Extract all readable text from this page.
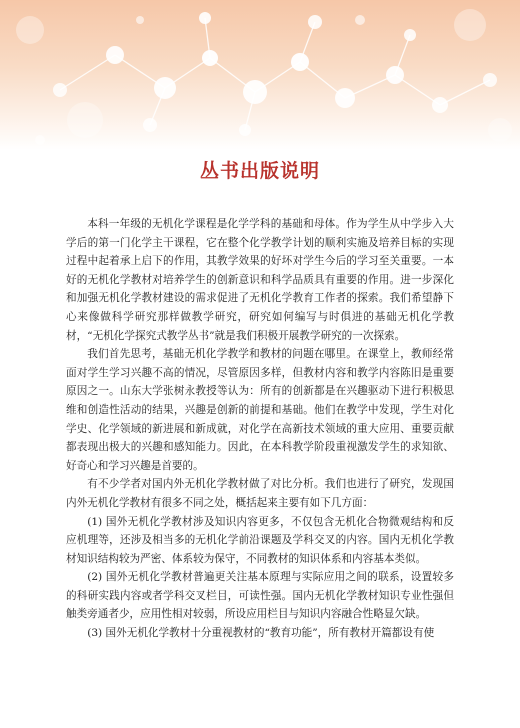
丛书出版说明

本科一年级的无机化学课程是化学学科的基础和母体。作为学生从中学步入大学后的第一门化学主干课程，它在整个化学教学计划的顺利实施及培养目标的实现过程中起着承上启下的作用，其教学效果的好坏对学生今后的学习至关重要。一本好的无机化学教材对培养学生的创新意识和科学品质具有重要的作用。进一步深化和加强无机化学教材建设的需求促进了无机化学教育工作者的探索。我们希望静下心来像做科学研究那样做教学研究，研究如何编写与时俱进的基础无机化学教材，“无机化学探究式教学丛书”就是我们积极开展教学研究的一次探索。

我们首先思考，基础无机化学教学和教材的问题在哪里。在课堂上，教师经常面对学生学习兴趣不高的情况，尽管原因多样，但教材内容和教学内容陈旧是重要原因之一。山东大学张树永教授等认为：所有的创新都是在兴趣驱动下进行积极思维和创造性活动的结果，兴趣是创新的前提和基础。他们在教学中发现，学生对化学史、化学领域的新进展和新成就，对化学在高新技术领域的重大应用、重要贡献都表现出极大的兴趣和感知能力。因此，在本科教学阶段重视激发学生的求知欲、好奇心和学习兴趣是首要的。

有不少学者对国内外无机化学教材做了对比分析。我们也进行了研究，发现国内外无机化学教材有很多不同之处，概括起来主要有如下几方面：

(1) 国外无机化学教材涉及知识内容更多，不仅包含无机化合物微观结构和反应机理等，还涉及相当多的无机化学前沿课题及学科交叉的内容。国内无机化学教材知识结构较为严密、体系较为保守，不同教材的知识体系和内容基本类似。

(2) 国外无机化学教材普遍更关注基本原理与实际应用之间的联系，设置较多的科研实践内容或者学科交叉栏目，可读性强。国内无机化学教材知识专业性强但触类旁通者少，应用性相对较弱，所设应用栏目与知识内容融合性略显欠缺。

(3) 国外无机化学教材十分重视教材的“教育功能”，所有教材开篇都设有使
